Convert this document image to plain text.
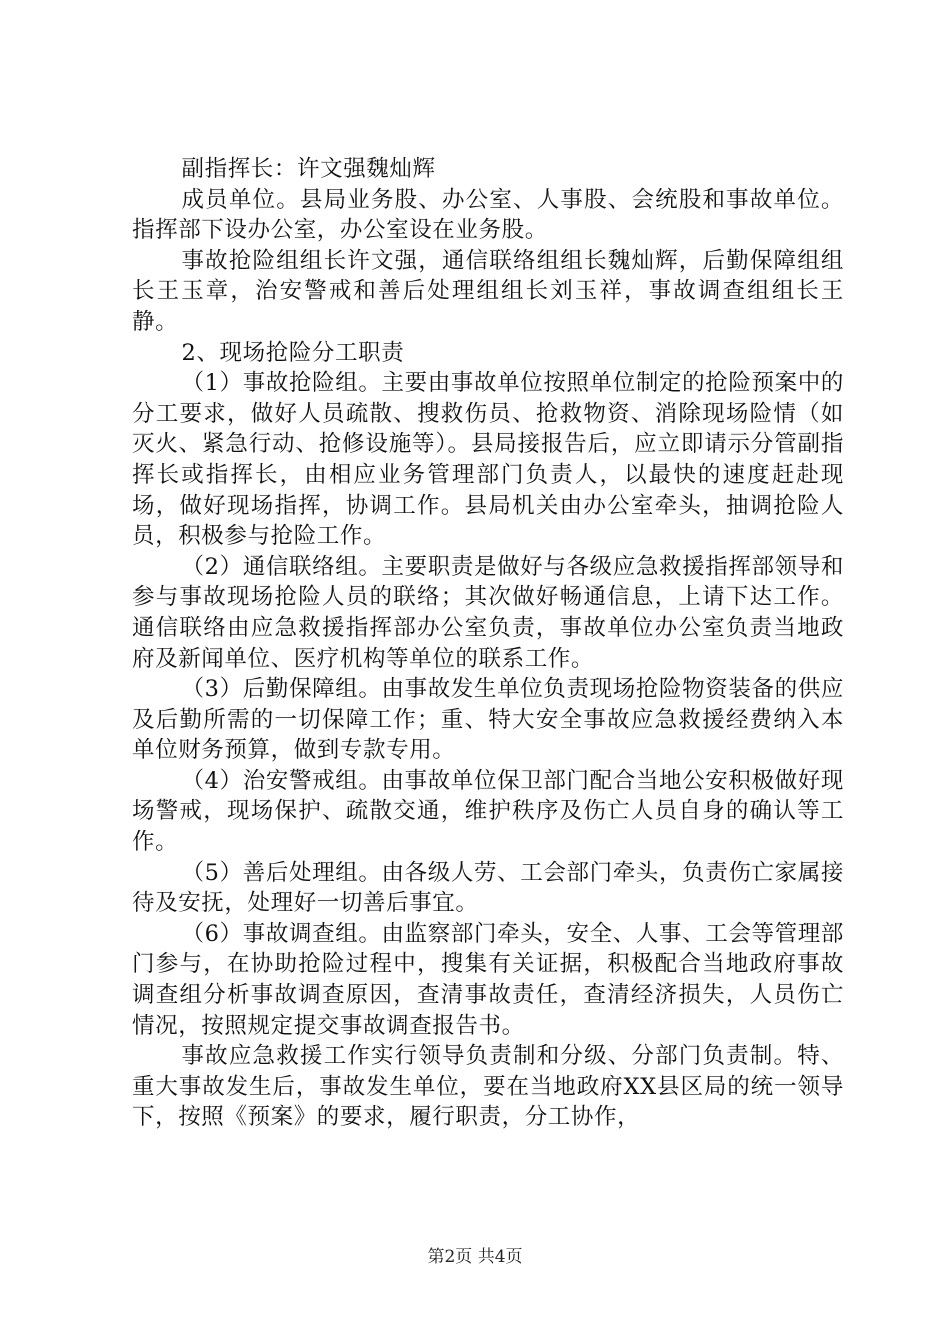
副指挥长：许文强魏灿辉

成员单位。县局业务股、办公室、人事股、会统股和事故单位。指挥部下设办公室，办公室设在业务股。

事故抢险组组长许文强，通信联络组组长魏灿辉，后勤保障组组长王玉章，治安警戒和善后处理组组长刘玉祥，事故调查组组长王静。

2、现场抢险分工职责

（1）事故抢险组。主要由事故单位按照单位制定的抢险预案中的分工要求，做好人员疏散、搜救伤员、抢救物资、消除现场险情（如灭火、紧急行动、抢修设施等）。县局接报告后，应立即请示分管副指挥长或指挥长，由相应业务管理部门负责人，以最快的速度赶赴现场，做好现场指挥，协调工作。县局机关由办公室牵头，抽调抢险人员，积极参与抢险工作。

（2）通信联络组。主要职责是做好与各级应急救援指挥部领导和参与事故现场抢险人员的联络；其次做好畅通信息，上请下达工作。通信联络由应急救援指挥部办公室负责，事故单位办公室负责当地政府及新闻单位、医疗机构等单位的联系工作。

（3）后勤保障组。由事故发生单位负责现场抢险物资装备的供应及后勤所需的一切保障工作；重、特大安全事故应急救援经费纳入本单位财务预算，做到专款专用。

（4）治安警戒组。由事故单位保卫部门配合当地公安积极做好现场警戒，现场保护、疏散交通，维护秩序及伤亡人员自身的确认等工作。

（5）善后处理组。由各级人劳、工会部门牵头，负责伤亡家属接待及安抚，处理好一切善后事宜。

（6）事故调查组。由监察部门牵头，安全、人事、工会等管理部门参与，在协助抢险过程中，搜集有关证据，积极配合当地政府事故调查组分析事故调查原因，查清事故责任，查清经济损失，人员伤亡情况，按照规定提交事故调查报告书。

事故应急救援工作实行领导负责制和分级、分部门负责制。特、重大事故发生后，事故发生单位，要在当地政府XX县区局的统一领导下，按照《预案》的要求，履行职责，分工协作，

第2页 共4页
